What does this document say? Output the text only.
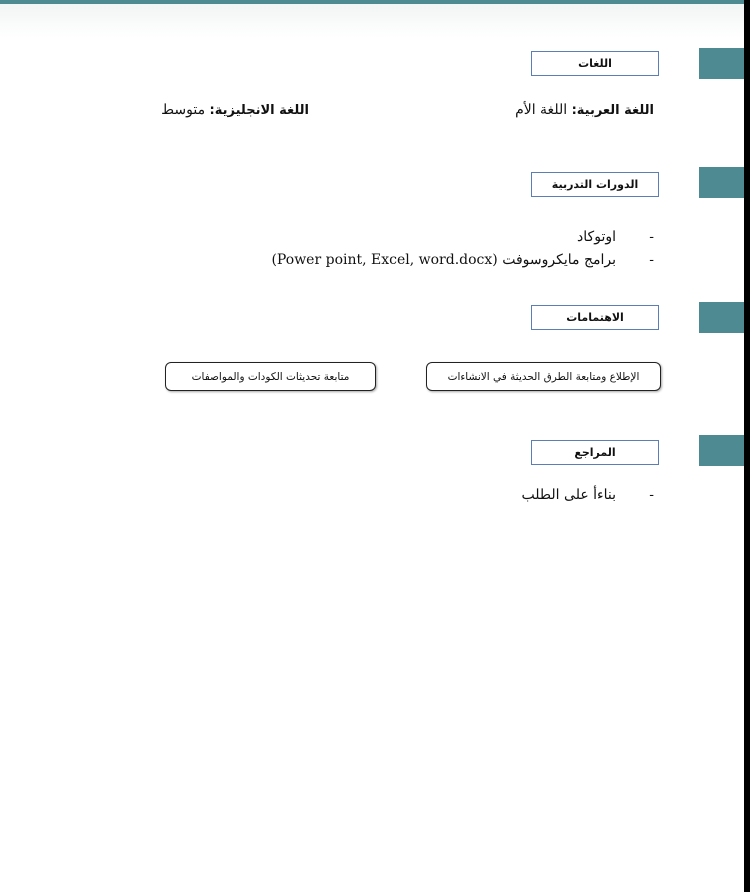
اللغات
اللغة العربية: اللغة الأم
اللغة الانجليزية: متوسط
الدورات التدربية
-
اوتوكاد
-
برامج مايكروسوفت (Power point, Excel, word.docx)
الاهتمامات
الإطلاع ومتابعة الطرق الحديثة في الانشاءات
متابعة تحديثات الكودات والمواصفات
المراجع
-
بناءأ على الطلب
